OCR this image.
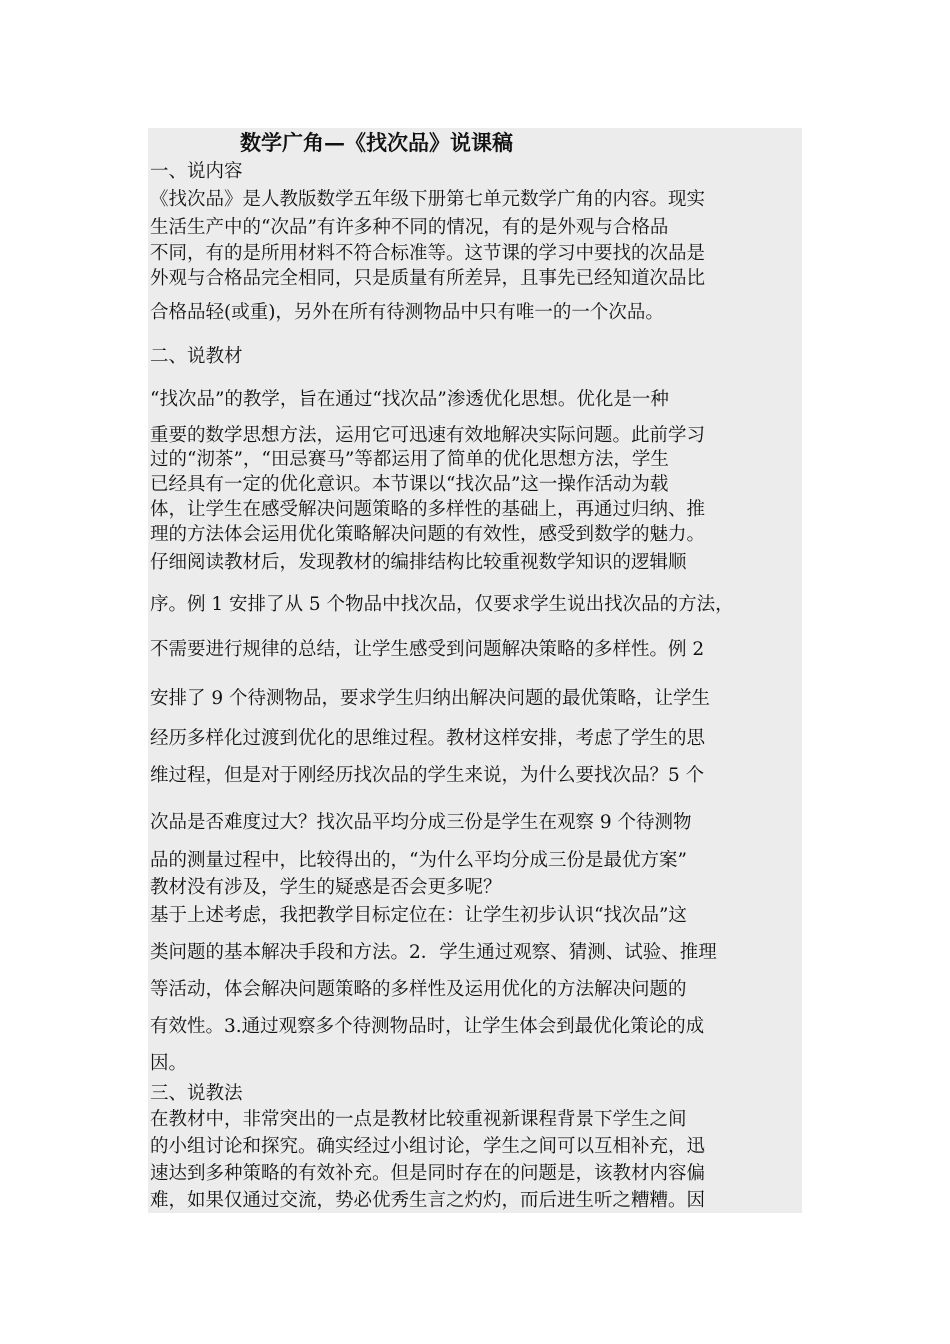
数学广角—《找次品》说课稿
一、说内容
《找次品》是人教版数学五年级下册第七单元数学广角的内容。现实
生活生产中的“次品”有许多种不同的情况，有的是外观与合格品
不同，有的是所用材料不符合标准等。这节课的学习中要找的次品是
外观与合格品完全相同，只是质量有所差异，且事先已经知道次品比
合格品轻(或重)，另外在所有待测物品中只有唯一的一个次品。
二、说教材
“找次品”的教学，旨在通过“找次品”渗透优化思想。优化是一种
重要的数学思想方法，运用它可迅速有效地解决实际问题。此前学习
过的“沏茶”，“田忌赛马”等都运用了简单的优化思想方法，学生
已经具有一定的优化意识。本节课以“找次品”这一操作活动为载
体，让学生在感受解决问题策略的多样性的基础上，再通过归纳、推
理的方法体会运用优化策略解决问题的有效性，感受到数学的魅力。
仔细阅读教材后，发现教材的编排结构比较重视数学知识的逻辑顺
序。例 1 安排了从 5 个物品中找次品，仅要求学生说出找次品的方法，
不需要进行规律的总结，让学生感受到问题解决策略的多样性。例 2
安排了 9 个待测物品，要求学生归纳出解决问题的最优策略，让学生
经历多样化过渡到优化的思维过程。教材这样安排，考虑了学生的思
维过程，但是对于刚经历找次品的学生来说，为什么要找次品？5 个
次品是否难度过大？找次品平均分成三份是学生在观察 9 个待测物
品的测量过程中，比较得出的，“为什么平均分成三份是最优方案”
教材没有涉及，学生的疑惑是否会更多呢？
基于上述考虑，我把教学目标定位在：让学生初步认识“找次品”这
类问题的基本解决手段和方法。2．学生通过观察、猜测、试验、推理
等活动，体会解决问题策略的多样性及运用优化的方法解决问题的
有效性。3.通过观察多个待测物品时，让学生体会到最优化策论的成
因。
三、说教法
在教材中，非常突出的一点是教材比较重视新课程背景下学生之间
的小组讨论和探究。确实经过小组讨论，学生之间可以互相补充，迅
速达到多种策略的有效补充。但是同时存在的问题是，该教材内容偏
难，如果仅通过交流，势必优秀生言之灼灼，而后进生听之糟糟。因
